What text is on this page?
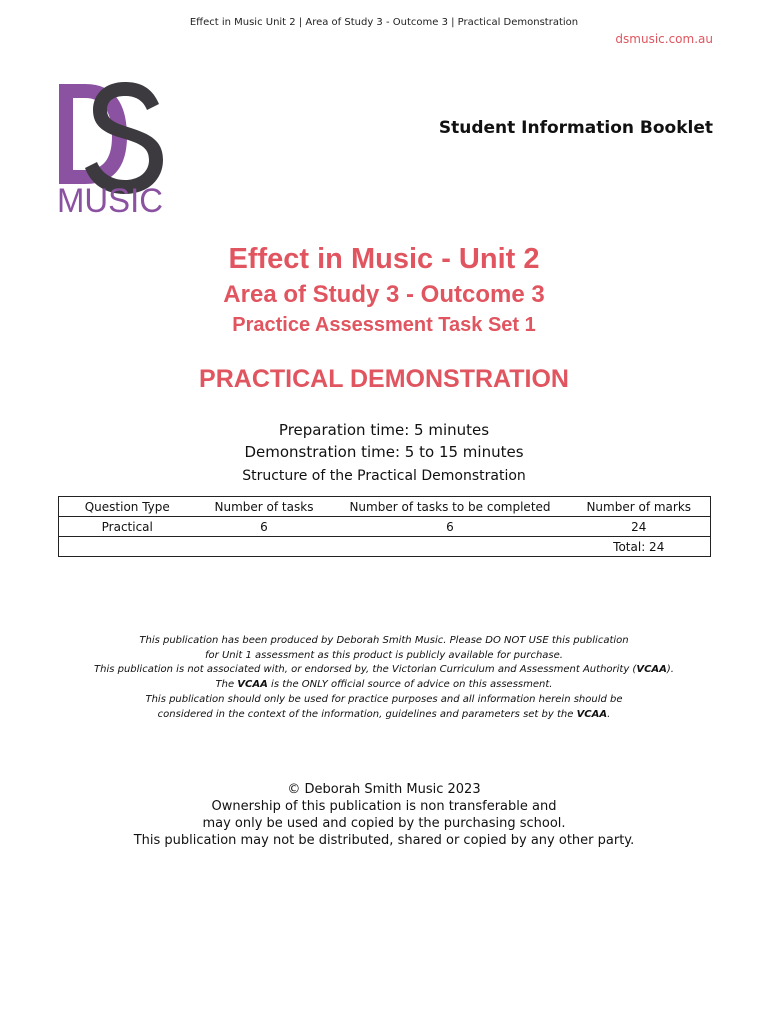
Effect in Music Unit 2 | Area of Study 3 - Outcome 3 | Practical Demonstration
dsmusic.com.au
MUSIC
Student Information Booklet
Effect in Music - Unit 2
Area of Study 3 - Outcome 3
Practice Assessment Task Set 1
PRACTICAL DEMONSTRATION
Preparation time: 5 minutes
Demonstration time: 5 to 15 minutes
Structure of the Practical Demonstration
Question Type	Number of tasks	Number of tasks to be completed	Number of marks
Practical	6	6	24
			Total: 24
This publication has been produced by Deborah Smith Music. Please DO NOT USE this publication
for Unit 1 assessment as this product is publicly available for purchase.
This publication is not associated with, or endorsed by, the Victorian Curriculum and Assessment Authority (VCAA).
The VCAA is the ONLY official source of advice on this assessment.
This publication should only be used for practice purposes and all information herein should be
considered in the context of the information, guidelines and parameters set by the VCAA.
© Deborah Smith Music 2023
Ownership of this publication is non transferable and
may only be used and copied by the purchasing school.
This publication may not be distributed, shared or copied by any other party.
